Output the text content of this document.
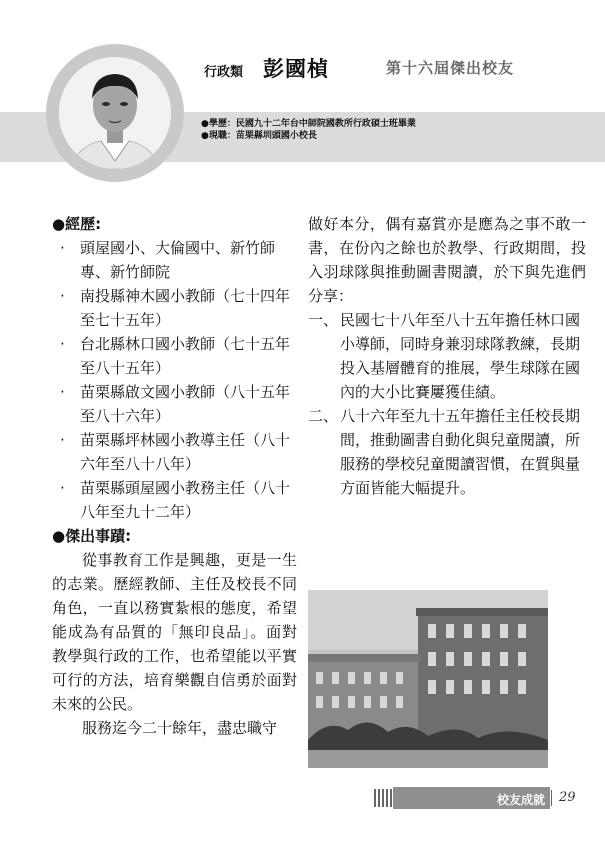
行政類 彭國楨	第十六屆傑出校友
●學歷：民國九十二年台中師院國教所行政碩士班畢業
●現職：苗栗縣圳頭國小校長
●經歷:
‧ 頭屋國小、大倫國中、新竹師專、新竹師院
‧ 南投縣神木國小教師（七十四年至七十五年）
‧ 台北縣林口國小教師（七十五年至八十五年）
‧ 苗栗縣啟文國小教師（八十五年至八十六年）
‧ 苗栗縣坪林國小教導主任（八十六年至八十八年）
‧ 苗栗縣頭屋國小教務主任（八十八年至九十二年）
●傑出事蹟:
從事教育工作是興趣，更是一生的志業。歷經教師、主任及校長不同角色，一直以務實紮根的態度，希望能成為有品質的「無印良品」。面對教學與行政的工作，也希望能以平實可行的方法，培育樂觀自信勇於面對未來的公民。
服務迄今二十餘年，盡忠職守
做好本分，偶有嘉賞亦是應為之事不敢一書，在份內之餘也於教學、行政期間，投入羽球隊與推動圖書閱讀，於下與先進們分享：
一、 民國七十八年至八十五年擔任林口國小導師，同時身兼羽球隊教練，長期投入基層體育的推展，學生球隊在國內的大小比賽屢獲佳績。
二、 八十六年至九十五年擔任主任校長期間，推動圖書自動化與兒童閱讀，所服務的學校兒童閱讀習慣，在質與量方面皆能大幅提升。
校友成就 29
